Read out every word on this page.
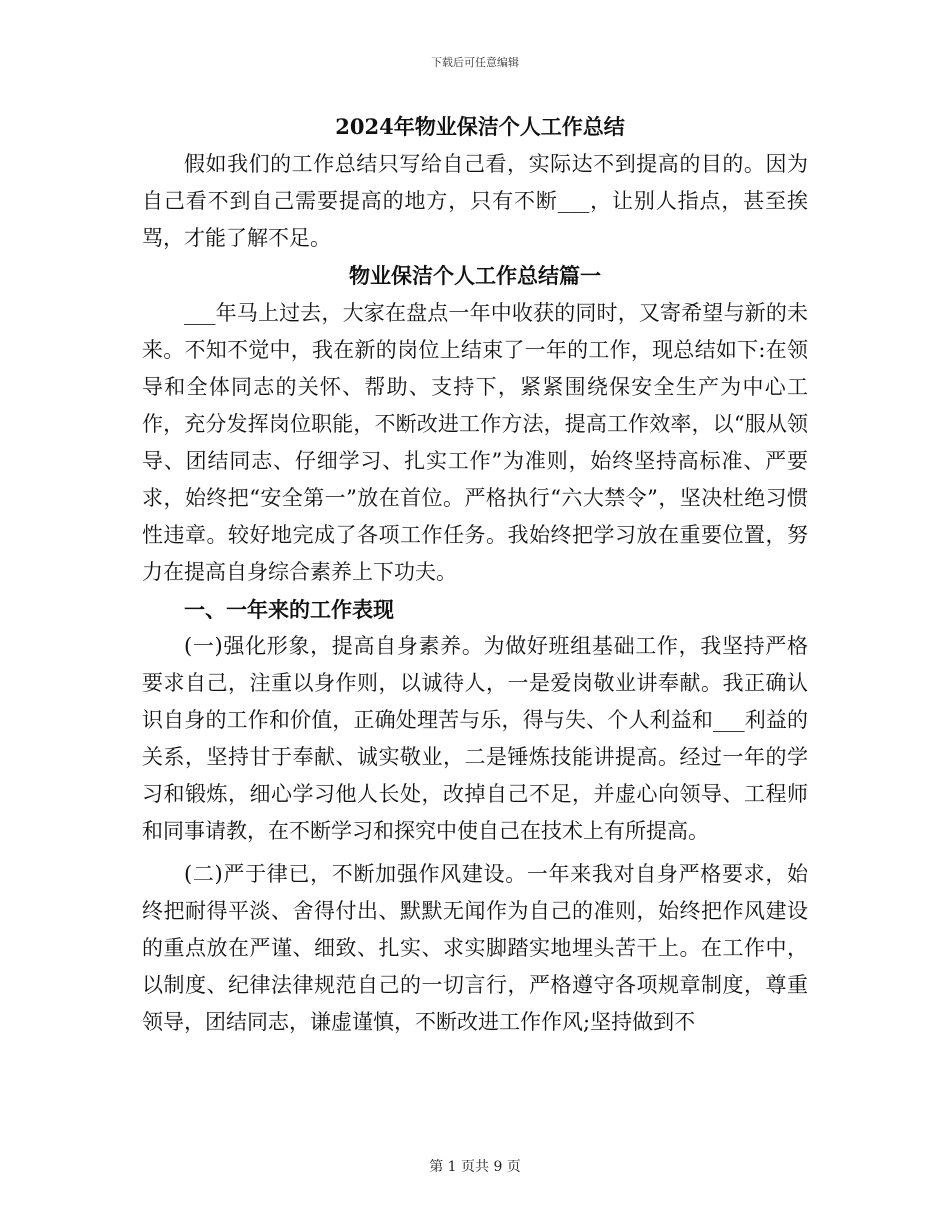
下载后可任意编辑
2024年物业保洁个人工作总结

假如我们的工作总结只写给自己看，实际达不到提高的目的。因为自己看不到自己需要提高的地方，只有不断___，让别人指点，甚至挨骂，才能了解不足。

物业保洁个人工作总结篇一

___年马上过去，大家在盘点一年中收获的同时，又寄希望与新的未来。不知不觉中，我在新的岗位上结束了一年的工作，现总结如下:在领导和全体同志的关怀、帮助、支持下，紧紧围绕保安全生产为中心工作，充分发挥岗位职能，不断改进工作方法，提高工作效率，以“服从领导、团结同志、仔细学习、扎实工作”为准则，始终坚持高标准、严要求，始终把“安全第一”放在首位。严格执行“六大禁令”，坚决杜绝习惯性违章。较好地完成了各项工作任务。我始终把学习放在重要位置，努力在提高自身综合素养上下功夫。

一、一年来的工作表现

(一)强化形象，提高自身素养。为做好班组基础工作，我坚持严格要求自己，注重以身作则，以诚待人，一是爱岗敬业讲奉献。我正确认识自身的工作和价值，正确处理苦与乐，得与失、个人利益和___利益的关系，坚持甘于奉献、诚实敬业，二是锤炼技能讲提高。经过一年的学习和锻炼，细心学习他人长处，改掉自己不足，并虚心向领导、工程师和同事请教，在不断学习和探究中使自己在技术上有所提高。

(二)严于律已，不断加强作风建设。一年来我对自身严格要求，始终把耐得平淡、舍得付出、默默无闻作为自己的准则，始终把作风建设的重点放在严谨、细致、扎实、求实脚踏实地埋头苦干上。在工作中，以制度、纪律法律规范自己的一切言行，严格遵守各项规章制度，尊重领导，团结同志，谦虚谨慎，不断改进工作作风;坚持做到不

第 1 页共 9 页
